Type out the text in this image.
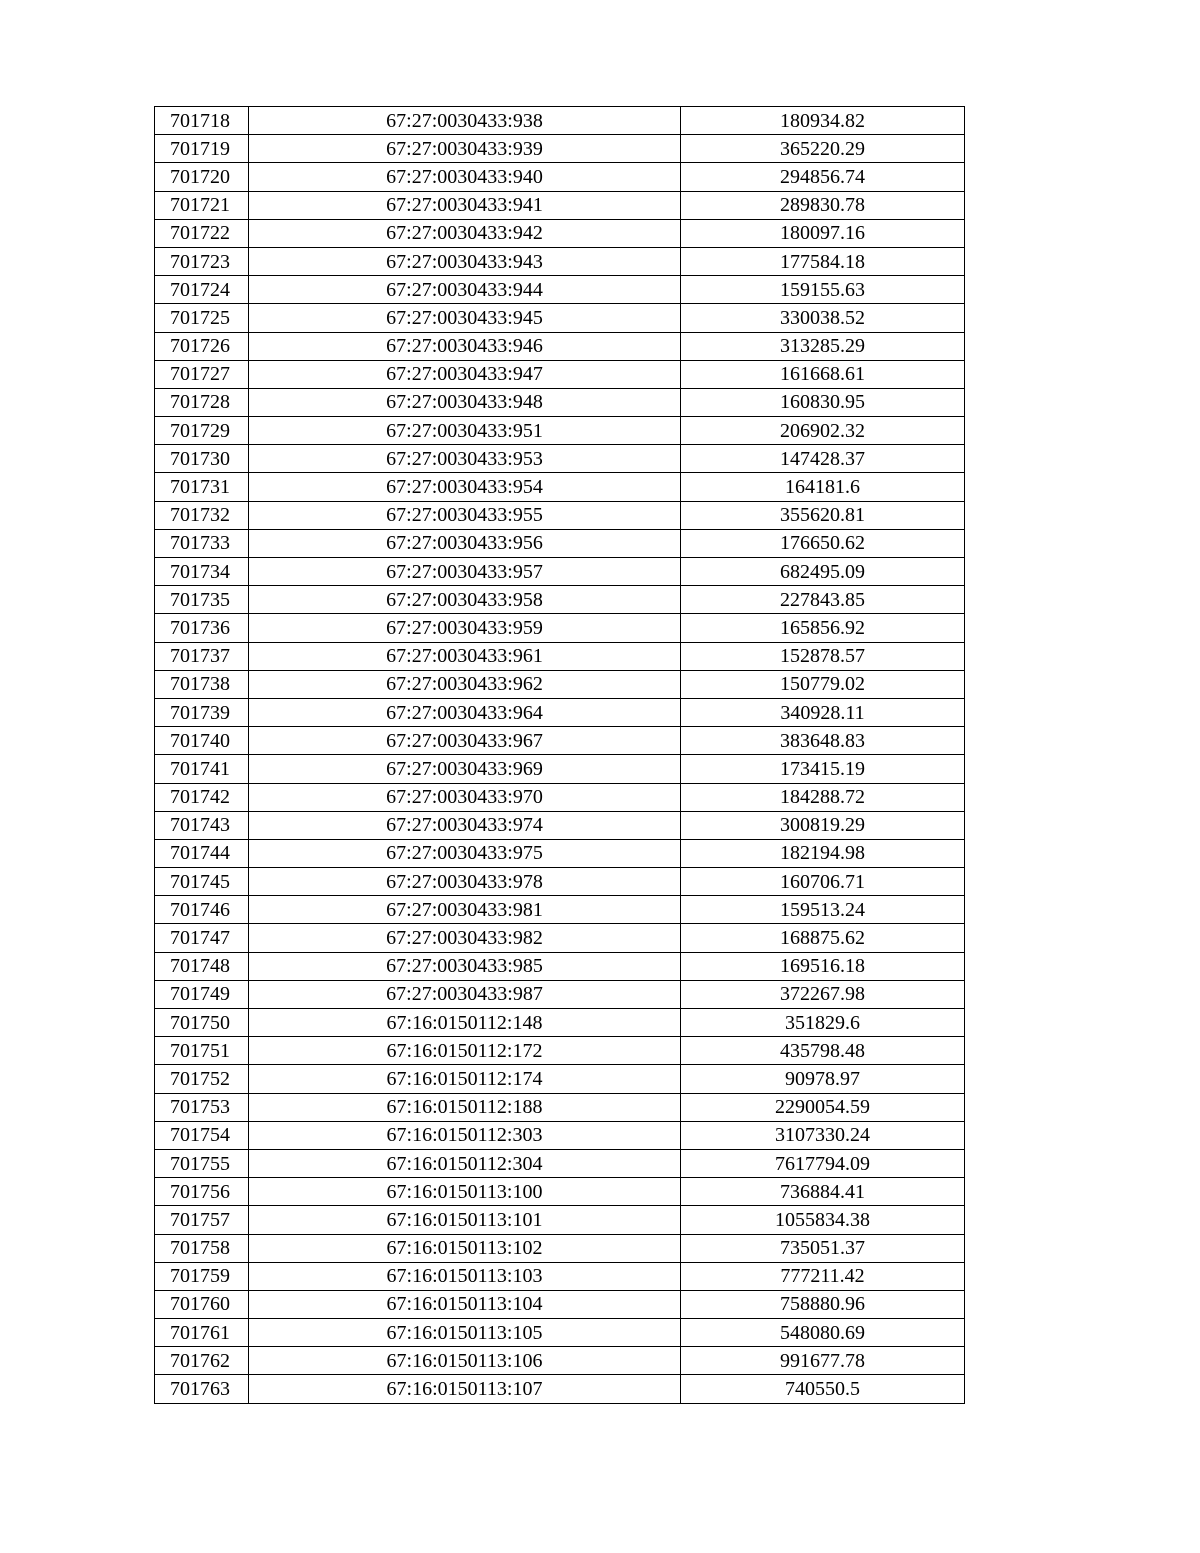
701718	67:27:0030433:938	180934.82
701719	67:27:0030433:939	365220.29
701720	67:27:0030433:940	294856.74
701721	67:27:0030433:941	289830.78
701722	67:27:0030433:942	180097.16
701723	67:27:0030433:943	177584.18
701724	67:27:0030433:944	159155.63
701725	67:27:0030433:945	330038.52
701726	67:27:0030433:946	313285.29
701727	67:27:0030433:947	161668.61
701728	67:27:0030433:948	160830.95
701729	67:27:0030433:951	206902.32
701730	67:27:0030433:953	147428.37
701731	67:27:0030433:954	164181.6
701732	67:27:0030433:955	355620.81
701733	67:27:0030433:956	176650.62
701734	67:27:0030433:957	682495.09
701735	67:27:0030433:958	227843.85
701736	67:27:0030433:959	165856.92
701737	67:27:0030433:961	152878.57
701738	67:27:0030433:962	150779.02
701739	67:27:0030433:964	340928.11
701740	67:27:0030433:967	383648.83
701741	67:27:0030433:969	173415.19
701742	67:27:0030433:970	184288.72
701743	67:27:0030433:974	300819.29
701744	67:27:0030433:975	182194.98
701745	67:27:0030433:978	160706.71
701746	67:27:0030433:981	159513.24
701747	67:27:0030433:982	168875.62
701748	67:27:0030433:985	169516.18
701749	67:27:0030433:987	372267.98
701750	67:16:0150112:148	351829.6
701751	67:16:0150112:172	435798.48
701752	67:16:0150112:174	90978.97
701753	67:16:0150112:188	2290054.59
701754	67:16:0150112:303	3107330.24
701755	67:16:0150112:304	7617794.09
701756	67:16:0150113:100	736884.41
701757	67:16:0150113:101	1055834.38
701758	67:16:0150113:102	735051.37
701759	67:16:0150113:103	777211.42
701760	67:16:0150113:104	758880.96
701761	67:16:0150113:105	548080.69
701762	67:16:0150113:106	991677.78
701763	67:16:0150113:107	740550.5
